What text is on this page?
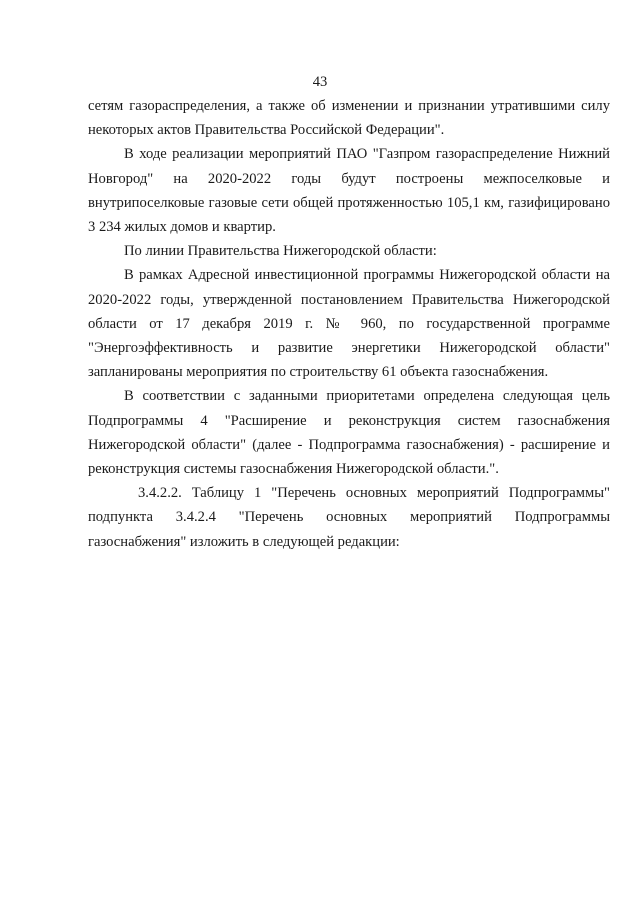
43

сетям газораспределения, а также об изменении и признании утратившими силу некоторых актов Правительства Российской Федерации".

В ходе реализации мероприятий ПАО "Газпром газораспределение Нижний Новгород" на 2020-2022 годы будут построены межпоселковые и внутрипоселковые газовые сети общей протяженностью 105,1 км, газифицировано 3 234 жилых домов и квартир.

По линии Правительства Нижегородской области:

В рамках Адресной инвестиционной программы Нижегородской области на 2020-2022 годы, утвержденной постановлением Правительства Нижегородской области от 17 декабря 2019 г. № 960, по государственной программе "Энергоэффективность и развитие энергетики Нижегородской области" запланированы мероприятия по строительству 61 объекта газоснабжения.

В соответствии с заданными приоритетами определена следующая цель Подпрограммы 4 "Расширение и реконструкция систем газоснабжения Нижегородской области" (далее - Подпрограмма газоснабжения) - расширение и реконструкция системы газоснабжения Нижегородской области.".

3.4.2.2. Таблицу 1 "Перечень основных мероприятий Подпрограммы" подпункта 3.4.2.4 "Перечень основных мероприятий Подпрограммы газоснабжения" изложить в следующей редакции:
